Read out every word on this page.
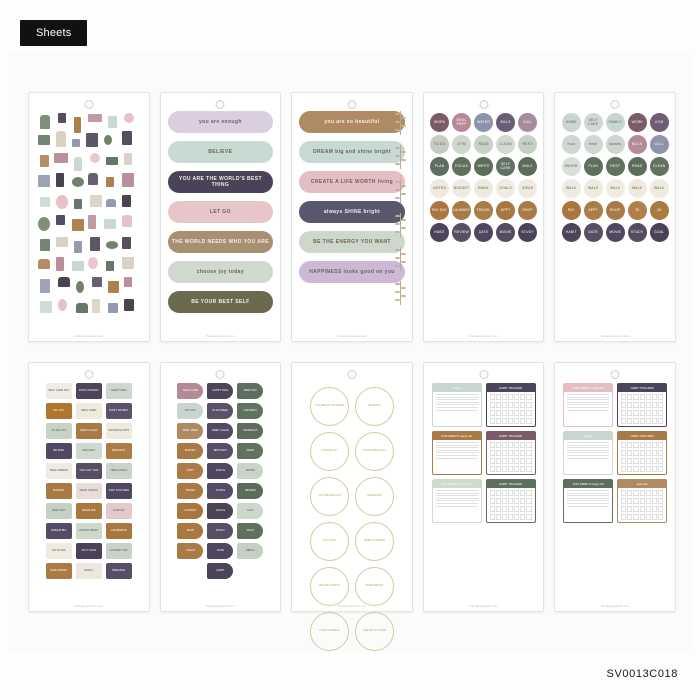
Sheets
thehappyplanner.com
you are enough
BELIEVE
YOU ARE THE WORLD'S BEST THING
LET GO
THE WORLD NEEDS WHO YOU ARE
choose joy today
BE YOUR BEST SELF
thehappyplanner.com
you are so beautiful
DREAM big and shine bright
CREATE A LIFE WORTH living
always SHINE bright
BE THE ENERGY YOU WANT
HAPPINESS looks good on you
thehappyplanner.com
WORK	MEAL PREP	WATER	BILLS	CALL
TO DO	GYM	READ	CLEAN	REST
PLAN	FOCUS	WRITE	SELF CARE	WALK
NOTES	BUDGET	EMAIL	GOALS	IDEAS
PAY DAY	LAUNDRY	TRAVEL	APPT	SHOP
HABIT	REVIEW	DATE	MOVIE	STUDY
thehappyplanner.com
HOME	SELF CARE	FAMILY	WORK	GYM
food	fresh	laundry	BILLS	CALL
WATER	PLAN	REST	READ	CLEAN
WALK	WALK	WALK	WALK	WALK
PAY	APPT	SHOP	25	26
HABIT	DATE	MOVIE	STUDY	GOAL
thehappyplanner.com
SELF CARE DAY	DON'T FORGET	HAPPY MAIL
PAY DAY	MEAL PREP	DON'T WORRY
TO DO LIST	DEEP CLEAN	WATER PLANTS
BE KIND	GROCERY	BIRTHDAY
TAKE A BREAK	YOU GOT THIS	NEW GOALS
BUDGET	READ A BOOK	STAY FOCUSED
REST DAY	DEADLINE	GYM DAY
DREAM BIG	APPOINTMENT	CELEBRATE
NO PLANS	DO IT NOW	LAUNDRY DAY
SAVE MONEY	REFILL	BREATHE
thehappyplanner.com
SELF CARE	HAPPY MAIL	REST DAY
PAY DAY	PLAN WEEK	GROCERY
MEAL PREP	DEEP CLEAN	WORKOUT
BUDGET	BIRTHDAY	READ
APPT	FOCUS	WATER
TRAVEL	NOTES	REVIEW
LAUNDRY	GOALS	CALL
SHOP	STUDY	WALK
CLEAN	DATE	REFILL
HABIT
thehappyplanner.com
YOU ARE MY SUNSHINE	BE BRAVE
CHOOSE JOY	GOOD VIBES ONLY
YOU ARE ENOUGH	DREAM BIG
STAY WILD	MAKE IT HAPPEN
BE KIND ALWAYS	SHINE BRIGHT
LOVE YOURSELF	ONE DAY AT A TIME
thehappyplanner.com
happy	HABIT TRACKER
THIS WEEK'S happy list	HABIT TRACKER
THIS WEEK'S happy list	HABIT TRACKER
thehappyplanner.com
THIS WEEK'S happy list	HABIT TRACKER
happy	HABIT TRACKER
THIS WEEK'S happy list	self care
thehappyplanner.com
SV0013C018
